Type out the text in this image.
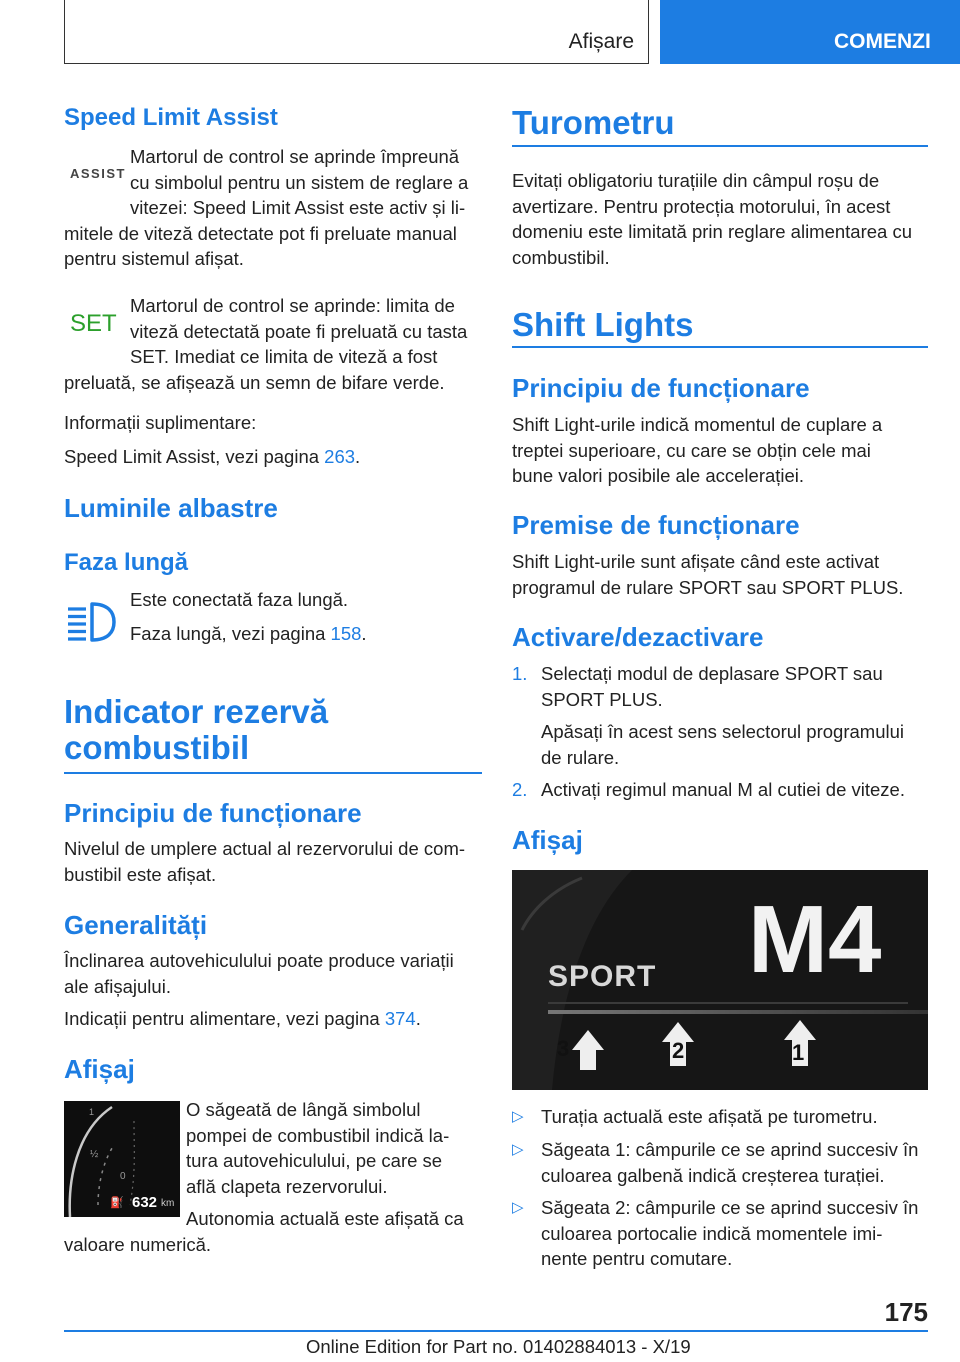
Afișare	COMENZI
Speed Limit Assist
ASSIST
Martorul de control se aprinde împreună
cu simbolul pentru un sistem de reglare a
vitezei: Speed Limit Assist este activ și li-
mitele de viteză detectate pot fi preluate manual
pentru sistemul afișat.
SET
Martorul de control se aprinde: limita de
viteză detectată poate fi preluată cu tasta
SET. Imediat ce limita de viteză a fost
preluată, se afișează un semn de bifare verde.
Informații suplimentare:
Speed Limit Assist, vezi pagina 263.
Luminile albastre
Faza lungă
Este conectată faza lungă.
Faza lungă, vezi pagina 158.
Indicator rezervă
combustibil
Principiu de funcționare
Nivelul de umplere actual al rezervorului de com-
bustibil este afișat.
Generalități
Înclinarea autovehiculului poate produce variații
ale afișajului.
Indicații pentru alimentare, vezi pagina 374.
Afișaj
1
½
0
⛽ 632 km
O săgeată de lângă simbolul
pompei de combustibil indică la-
tura autovehiculului, pe care se
află clapeta rezervorului.
Autonomia actuală este afișată ca
valoare numerică.
Turometru
Evitați obligatoriu turațiile din câmpul roșu de
avertizare. Pentru protecția motorului, în acest
domeniu este limitată prin reglare alimentarea cu
combustibil.
Shift Lights
Principiu de funcționare
Shift Light-urile indică momentul de cuplare a
treptei superioare, cu care se obțin cele mai
bune valori posibile ale accelerației.
Premise de funcționare
Shift Light-urile sunt afișate când este activat
programul de rulare SPORT sau SPORT PLUS.
Activare/dezactivare
1. Selectați modul de deplasare SPORT sau
SPORT PLUS.
Apăsați în acest sens selectorul programului
de rulare.
2. Activați regimul manual M al cutiei de viteze.
Afișaj
SPORT M4
3	2	1
▷ Turația actuală este afișată pe turometru.
▷ Săgeata 1: câmpurile ce se aprind succesiv în
culoarea galbenă indică creșterea turației.
▷ Săgeata 2: câmpurile ce se aprind succesiv în
culoarea portocalie indică momentele imi-
nente pentru comutare.
175
Online Edition for Part no. 01402884013 - X/19
